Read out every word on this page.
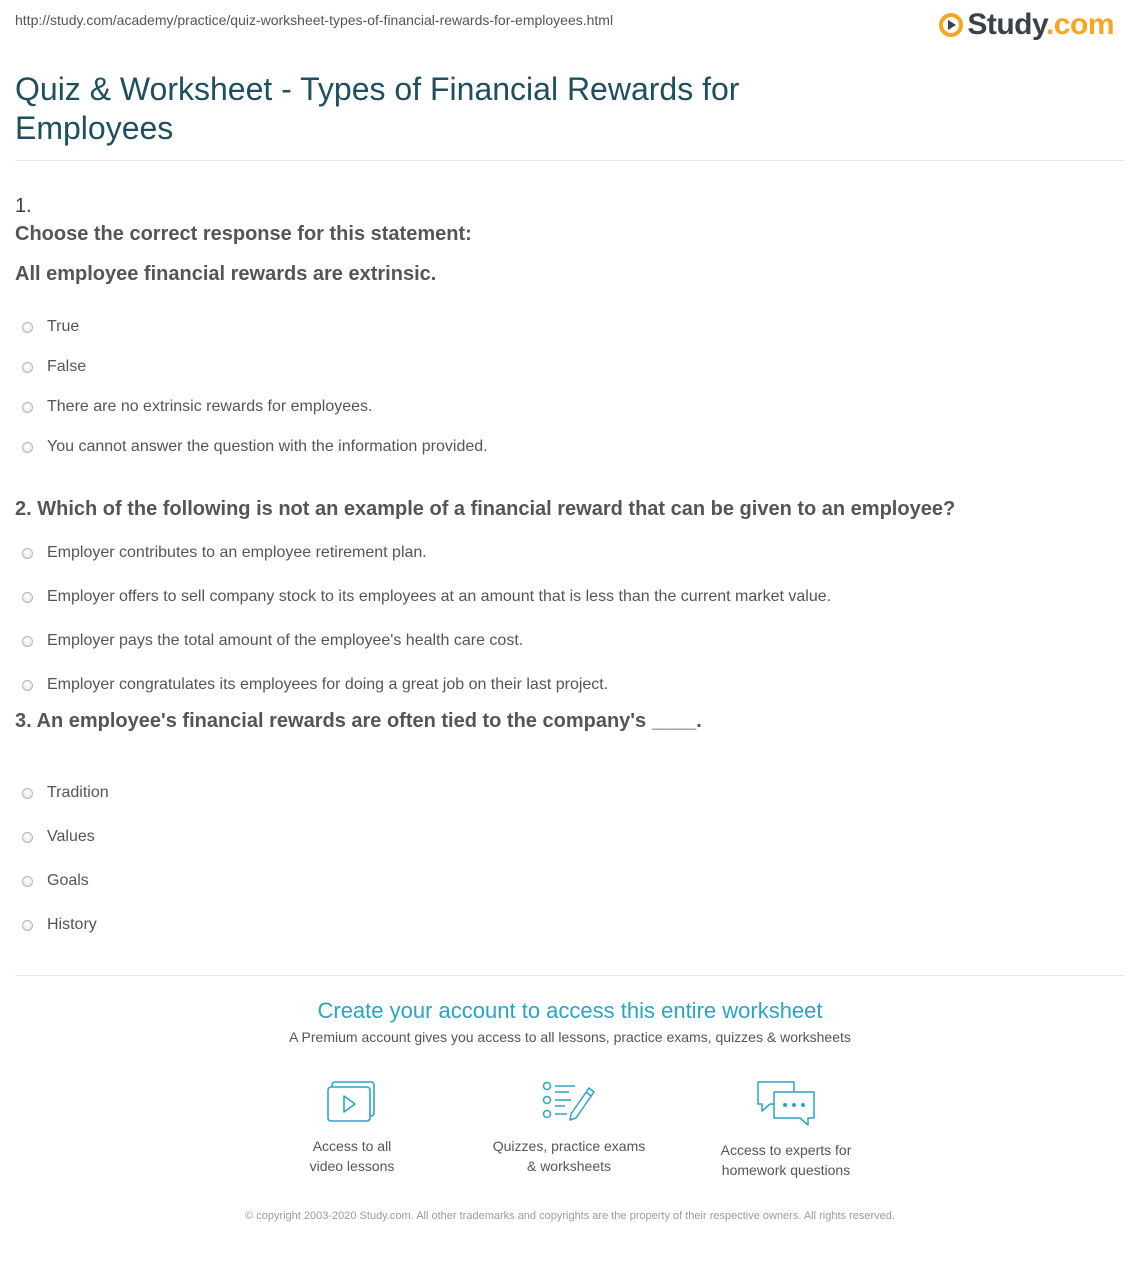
http://study.com/academy/practice/quiz-worksheet-types-of-financial-rewards-for-employees.html	Study.com
Quiz & Worksheet - Types of Financial Rewards for Employees
1.
Choose the correct response for this statement:
All employee financial rewards are extrinsic.
True
False
There are no extrinsic rewards for employees.
You cannot answer the question with the information provided.
2. Which of the following is not an example of a financial reward that can be given to an employee?
Employer contributes to an employee retirement plan.
Employer offers to sell company stock to its employees at an amount that is less than the current market value.
Employer pays the total amount of the employee's health care cost.
Employer congratulates its employees for doing a great job on their last project.
3. An employee's financial rewards are often tied to the company's ____.
Tradition
Values
Goals
History
Create your account to access this entire worksheet
A Premium account gives you access to all lessons, practice exams, quizzes & worksheets
Access to all
video lessons
Quizzes, practice exams
& worksheets
Access to experts for
homework questions
© copyright 2003-2020 Study.com. All other trademarks and copyrights are the property of their respective owners. All rights reserved.
